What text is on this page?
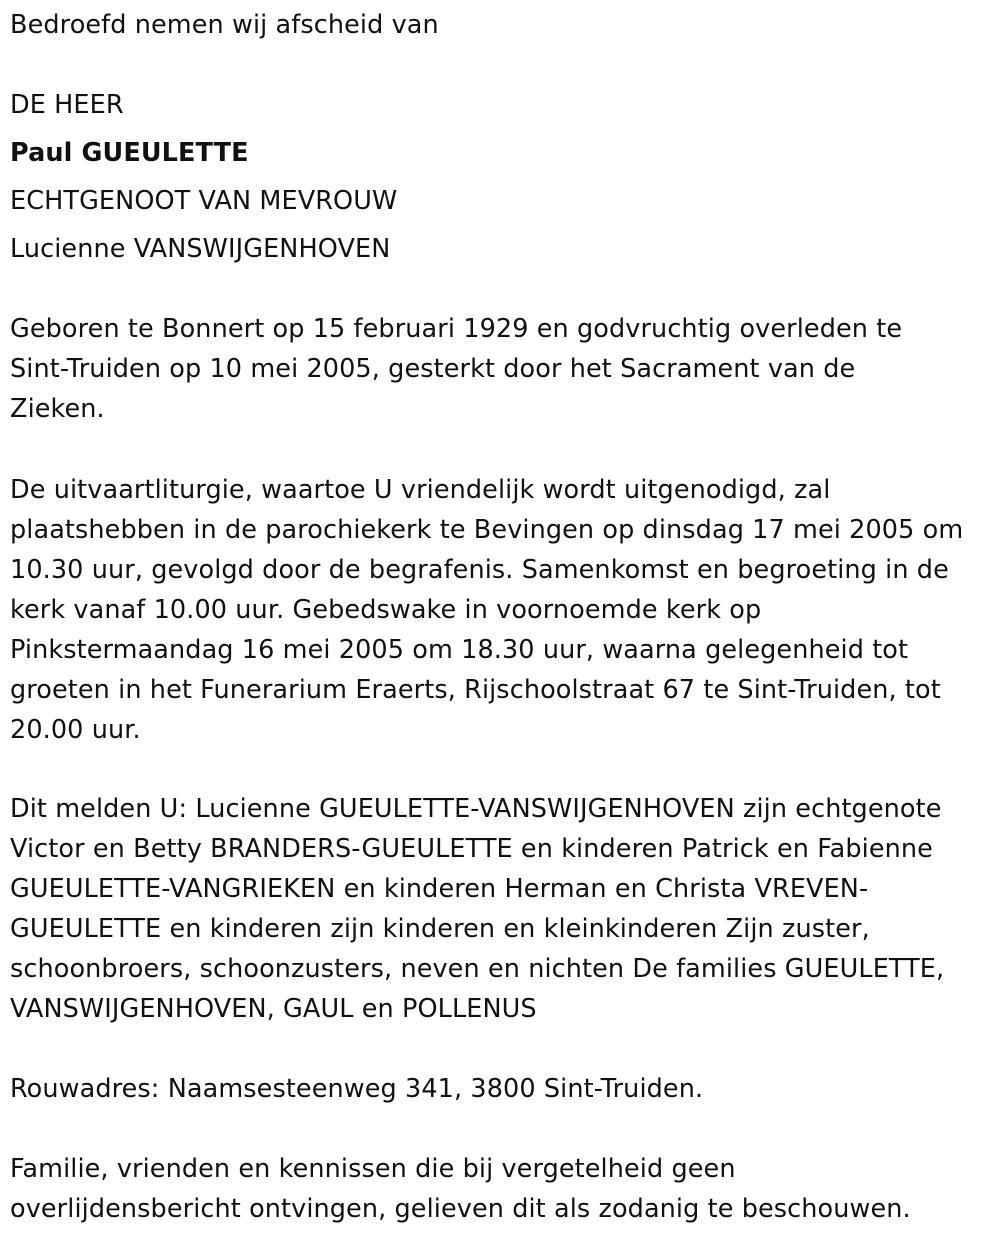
Bedroefd nemen wij afscheid van
DE HEER
Paul GUEULETTE
ECHTGENOOT VAN MEVROUW
Lucienne VANSWIJGENHOVEN
Geboren te Bonnert op 15 februari 1929 en godvruchtig overleden te
Sint-Truiden op 10 mei 2005, gesterkt door het Sacrament van de
Zieken.
De uitvaartliturgie, waartoe U vriendelijk wordt uitgenodigd, zal
plaatshebben in de parochiekerk te Bevingen op dinsdag 17 mei 2005 om
10.30 uur, gevolgd door de begrafenis. Samenkomst en begroeting in de
kerk vanaf 10.00 uur. Gebedswake in voornoemde kerk op
Pinkstermaandag 16 mei 2005 om 18.30 uur, waarna gelegenheid tot
groeten in het Funerarium Eraerts, Rijschoolstraat 67 te Sint-Truiden, tot
20.00 uur.
Dit melden U: Lucienne GUEULETTE-VANSWIJGENHOVEN zijn echtgenote
Victor en Betty BRANDERS-GUEULETTE en kinderen Patrick en Fabienne
GUEULETTE-VANGRIEKEN en kinderen Herman en Christa VREVEN-
GUEULETTE en kinderen zijn kinderen en kleinkinderen Zijn zuster,
schoonbroers, schoonzusters, neven en nichten De families GUEULETTE,
VANSWIJGENHOVEN, GAUL en POLLENUS
Rouwadres: Naamsesteenweg 341, 3800 Sint-Truiden.
Familie, vrienden en kennissen die bij vergetelheid geen
overlijdensbericht ontvingen, gelieven dit als zodanig te beschouwen.
